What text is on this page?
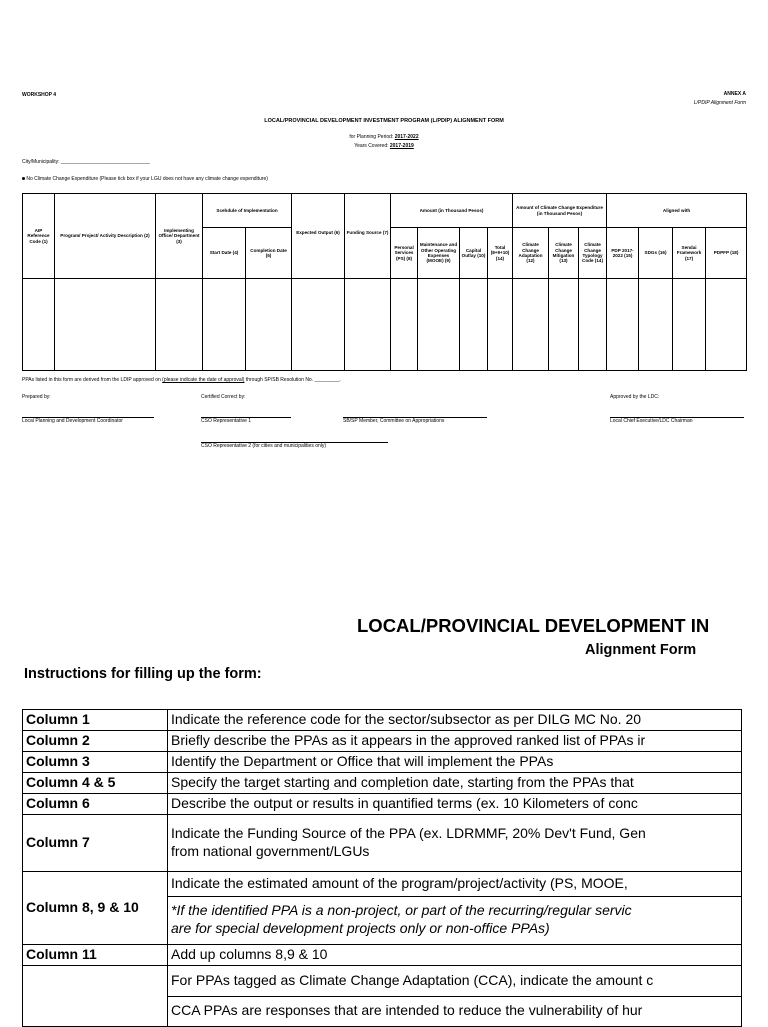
WORKSHOP 4	ANNEX A
L/PDIP Alignment Form
LOCAL/PROVINCIAL DEVELOPMENT INVESTMENT PROGRAM (L/PDIP) ALIGNMENT FORM
for Planning Period: 2017-2022
Years Covered: 2017-2019
City/Municipality: ________________________________
No Climate Change Expenditure (Please tick box if your LGU does not have any climate change expenditure)
AIP Reference Code (1)	Program/ Project/ Activity Description (2)	Implementing Office/ Department (3)	Scehdule of Implementation		Expected Output (6)	Funding Source (7)	Amount (in Thousand Pesos)				Amount of Climate Change Expenditure (in Thousand Pesos)			Aligned with			
			Start Date (4)	Completion Date (5)			Personal Services (PS) (8)	Maintenance and Other Operating Expenses (MOOE) (9)	Capital Outlay (10)	Total (8+9+10) (14)	Climate Change Adaptation (12)	Climate Change Mitigation (13)	Climate Change Typology Code (14)	PDP 2017-2022 (15)	SDGs (16)	Sendai Framework (17)	PDPFP (18)

PPAs listed in this form are derived from the LDIP approved on (please indicate the date of approval) through SP/SB Resolution No. _________.
Prepared by:	Certified Correct by:	Approved by the LDC:
Local Planning and Development Coordinator	CSO Representative 1	SB/SP Member, Committee on Appropriations	Local Chief Executive/LDC Chairman
CSO Representative 2 (for cities and municipalities only)
LOCAL/PROVINCIAL DEVELOPMENT IN
Alignment Form
Instructions for filling up the form:
Column 1	Indicate the reference code for the sector/subsector as per DILG MC No. 20
Column 2	Briefly describe the PPAs as it appears in the approved ranked list of PPAs ir
Column 3	Identify the Department or Office that will implement the PPAs
Column 4 & 5	Specify the target starting and completion date, starting from the PPAs that
Column 6	Describe the output or results in quantified terms (ex. 10 Kilometers of conc
Column 7	Indicate the Funding Source of the PPA (ex. LDRMMF, 20% Dev't Fund, Gen
from national government/LGUs

Column 8, 9 & 10	Indicate the estimated amount of the program/project/activity (PS, MOOE,

	*If the identified PPA is a non-project, or part of the recurring/regular servic
are for special development projects only or non-office PPAs)

Column 11	Add up columns 8,9 & 10
	For PPAs tagged as Climate Change Adaptation (CCA), indicate the amount c
	CCA PPAs are responses that are intended to reduce the vulnerability of hur
